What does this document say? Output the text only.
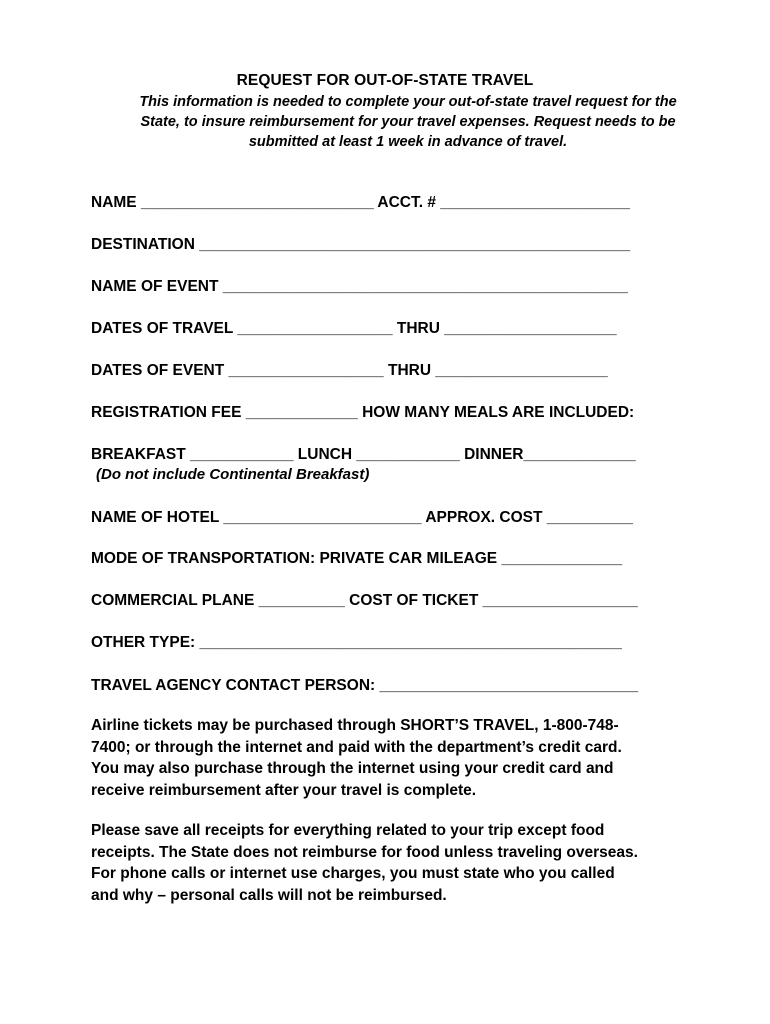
REQUEST FOR OUT-OF-STATE TRAVEL
This information is needed to complete your out-of-state travel request for the
State, to insure reimbursement for your travel expenses. Request needs to be
submitted at least 1 week in advance of travel.
NAME ___________________________ ACCT. # ______________________
DESTINATION __________________________________________________
NAME OF EVENT _______________________________________________
DATES OF TRAVEL __________________ THRU ____________________
DATES OF EVENT __________________ THRU ____________________
REGISTRATION FEE _____________ HOW MANY MEALS ARE INCLUDED:
BREAKFAST ____________ LUNCH ____________ DINNER_____________
(Do not include Continental Breakfast)
NAME OF HOTEL _______________________ APPROX. COST __________
MODE OF TRANSPORTATION: PRIVATE CAR MILEAGE ______________
COMMERCIAL PLANE __________ COST OF TICKET __________________
OTHER TYPE: _________________________________________________
TRAVEL AGENCY CONTACT PERSON: ______________________________
Airline tickets may be purchased through SHORT’S TRAVEL, 1-800-748-
7400; or through the internet and paid with the department’s credit card.
You may also purchase through the internet using your credit card and
receive reimbursement after your travel is complete.
Please save all receipts for everything related to your trip except food
receipts. The State does not reimburse for food unless traveling overseas.
For phone calls or internet use charges, you must state who you called
and why – personal calls will not be reimbursed.
